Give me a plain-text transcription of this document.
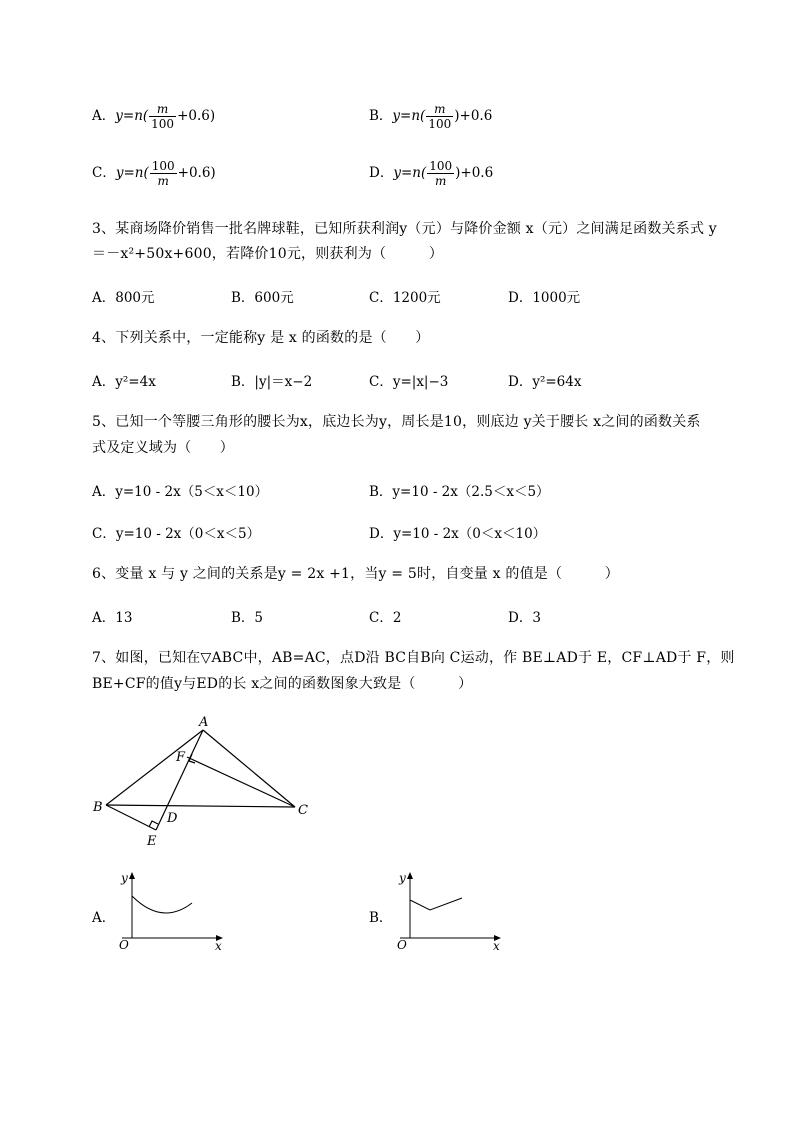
A．$y=n( \frac{m}{100} +0.6)$	B．$y=n( \frac{m}{100} )+0.6$
C．$y=n( \frac{100}{m} +0.6)$	D．$y=n( \frac{100}{m} )+0.6$
3、某商场降价销售一批名牌球鞋，已知所获利润y（元）与降价金额 x（元）之间满足函数关系式 y
＝－x²+50x+600，若降价10元，则获利为（　　　）
A．800元	B．600元	C．1200元	D．1000元
4、下列关系中，一定能称y 是 x 的函数的是（　　）
A．y²=4x	B．|y|＝x−2	C．y=|x|−3	D．y²=64x
5、已知一个等腰三角形的腰长为x，底边长为y，周长是10，则底边 y关于腰长 x之间的函数关系
式及定义域为（　　）
A．y=10 - 2x（5＜x＜10）	B．y=10 - 2x（2.5＜x＜5）
C．y=10 - 2x（0＜x＜5）	D．y=10 - 2x（0＜x＜10）
6、变量 x 与 y 之间的关系是y = 2x +1，当y = 5时，自变量 x 的值是（　　　）
A．13	B．5	C．2	D．3
7、如图，已知在▽ABC中，AB=AC，点D沿 BC自B向 C运动，作 BE⊥AD于 E，CF⊥AD于 F，则
BE+CF的值y与ED的长 x之间的函数图象大致是（　　　）
A
F
B
D
C
E
A．
y
x
O
B．
y
x
O
